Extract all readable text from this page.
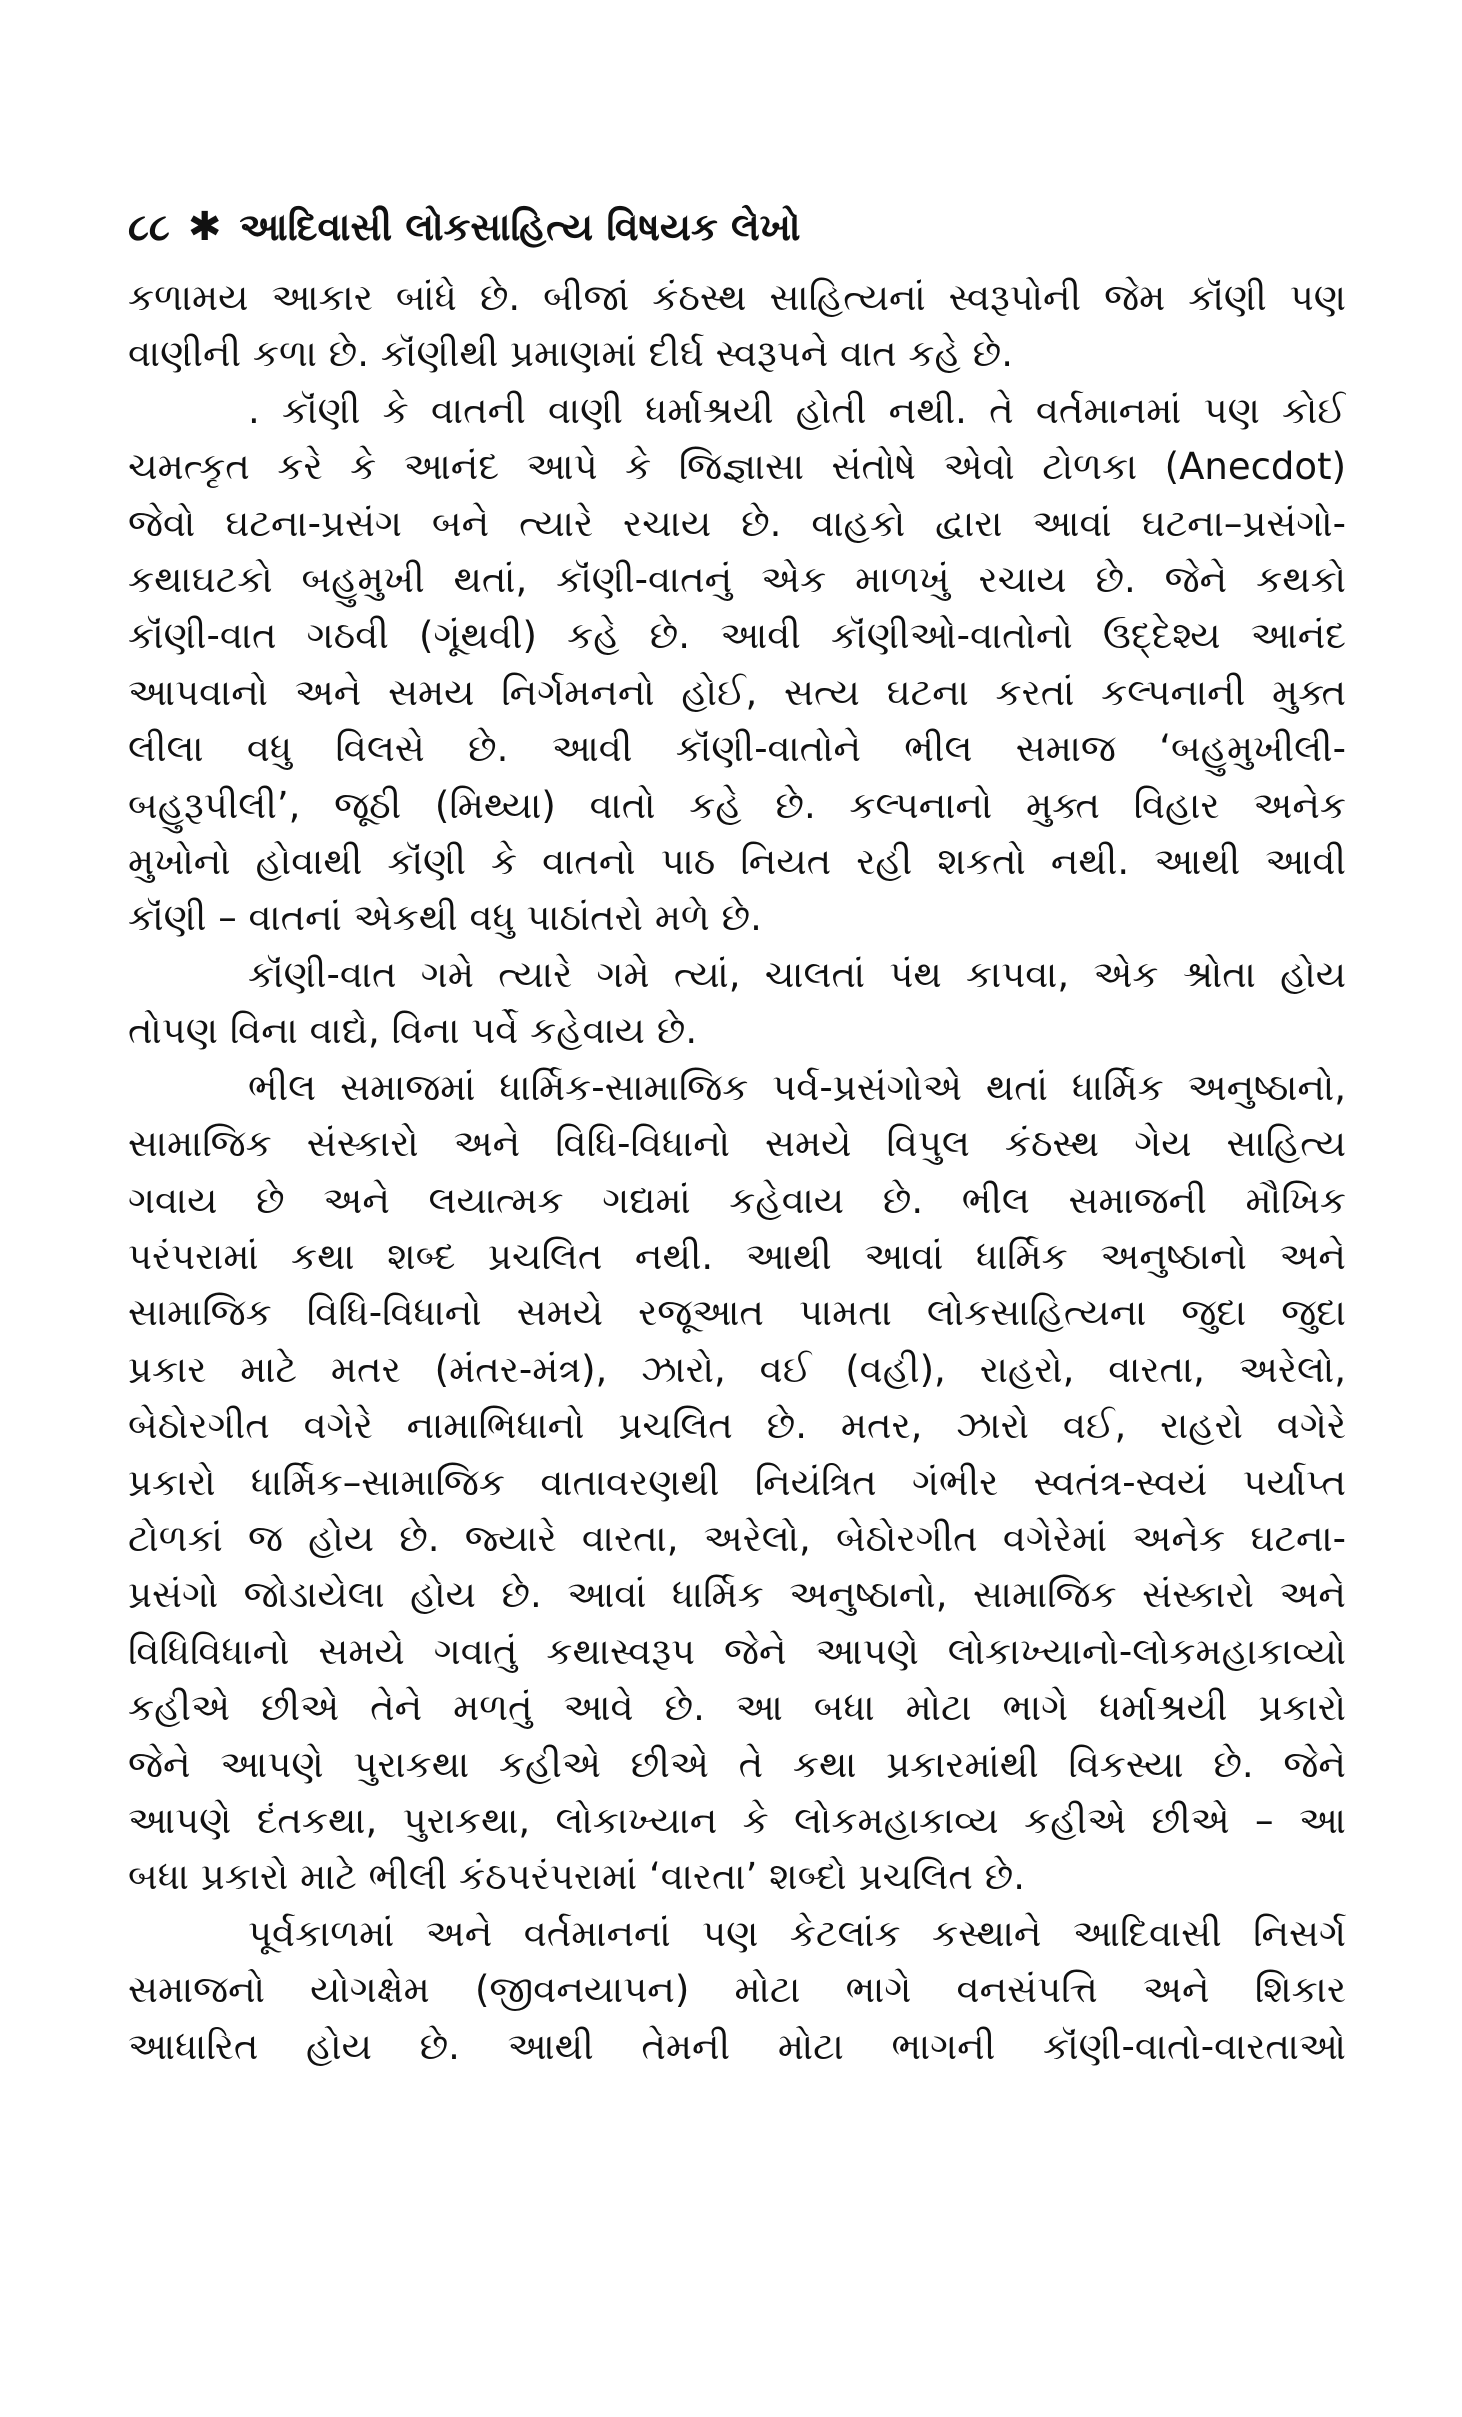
૮૮ ✱ આદિવાસી લોકસાહિત્ય વિષયક લેખો
કળામય આકાર બાંધે છે. બીજાં કંઠસ્થ સાહિત્યનાં સ્વરૂપોની જેમ કૉંણી પણ
વાણીની કળા છે. કૉંણીથી પ્રમાણમાં દીર્ઘ સ્વરૂપને વાત કહે છે.
. કૉંણી કે વાતની વાણી ધર્માશ્રયી હોતી નથી. તે વર્તમાનમાં પણ કોઈ
ચમત્કૃત કરે કે આનંદ આપે કે જિજ્ઞાસા સંતોષે એવો ટોળકા (Anecdot)
જેવો ઘટના-પ્રસંગ બને ત્યારે રચાય છે. વાહકો દ્વારા આવાં ઘટના–પ્રસંગો-
કથાઘટકો બહુમુખી થતાં, કૉંણી-વાતનું એક માળખું રચાય છે. જેને કથકો
કૉંણી-વાત ગઠવી (ગૂંથવી) કહે છે. આવી કૉંણીઓ-વાતોનો ઉદ્દેશ્ય આનંદ
આપવાનો અને સમય નિર્ગમનનો હોઈ, સત્ય ઘટના કરતાં કલ્પનાની મુક્ત
લીલા વધુ વિલસે છે. આવી કૉંણી-વાતોને ભીલ સમાજ ‘બહુમુખીલી-
બહુરૂપીલી’, જૂઠી (મિથ્યા) વાતો કહે છે. કલ્પનાનો મુક્ત વિહાર અનેક
મુખોનો હોવાથી કૉંણી કે વાતનો પાઠ નિયત રહી શકતો નથી. આથી આવી
કૉંણી – વાતનાં એકથી વધુ પાઠાંતરો મળે છે.
કૉંણી-વાત ગમે ત્યારે ગમે ત્યાં, ચાલતાં પંથ કાપવા, એક શ્રોતા હોય
તોપણ વિના વાદ્યે, વિના પર્વે કહેવાય છે.
ભીલ સમાજમાં ધાર્મિક-સામાજિક પર્વ-પ્રસંગોએ થતાં ધાર્મિક અનુષ્ઠાનો,
સામાજિક સંસ્કારો અને વિધિ-વિધાનો સમયે વિપુલ કંઠસ્થ ગેય સાહિત્ય
ગવાય છે અને લયાત્મક ગદ્યમાં કહેવાય છે. ભીલ સમાજની મૌખિક
પરંપરામાં કથા શબ્દ પ્રચલિત નથી. આથી આવાં ધાર્મિક અનુષ્ઠાનો અને
સામાજિક વિધિ-વિધાનો સમયે રજૂઆત પામતા લોકસાહિત્યના જુદા જુદા
પ્રકાર માટે મતર (મંતર-મંત્ર), ઝારો, વઈ (વહી), રાહરો, વારતા, અરેલો,
બેઠોરગીત વગેરે નામાભિધાનો પ્રચલિત છે. મતર, ઝારો વઈ, રાહરો વગેરે
પ્રકારો ધાર્મિક–સામાજિક વાતાવરણથી નિયંત્રિત ગંભીર સ્વતંત્ર-સ્વયં પર્યાપ્ત
ટોળકાં જ હોય છે. જ્યારે વારતા, અરેલો, બેઠોરગીત વગેરેમાં અનેક ઘટના-
પ્રસંગો જોડાયેલા હોય છે. આવાં ધાર્મિક અનુષ્ઠાનો, સામાજિક સંસ્કારો અને
વિધિવિધાનો સમયે ગવાતું કથાસ્વરૂપ જેને આપણે લોકાખ્યાનો-લોકમહાકાવ્યો
કહીએ છીએ તેને મળતું આવે છે. આ બધા મોટા ભાગે ધર્માશ્રયી પ્રકારો
જેને આપણે પુરાકથા કહીએ છીએ તે કથા પ્રકારમાંથી વિકસ્યા છે. જેને
આપણે દંતકથા, પુરાકથા, લોકાખ્યાન કે લોકમહાકાવ્ય કહીએ છીએ – આ
બધા પ્રકારો માટે ભીલી કંઠપરંપરામાં ‘વારતા’ શબ્દો પ્રચલિત છે.
પૂર્વકાળમાં અને વર્તમાનનાં પણ કેટલાંક કસ્થાને આદિવાસી નિસર્ગ
સમાજનો યોગક્ષેમ (જીવનયાપન) મોટા ભાગે વનસંપત્તિ અને શિકાર
આધારિત હોય છે. આથી તેમની મોટા ભાગની કૉંણી-વાતો-વારતાઓ
